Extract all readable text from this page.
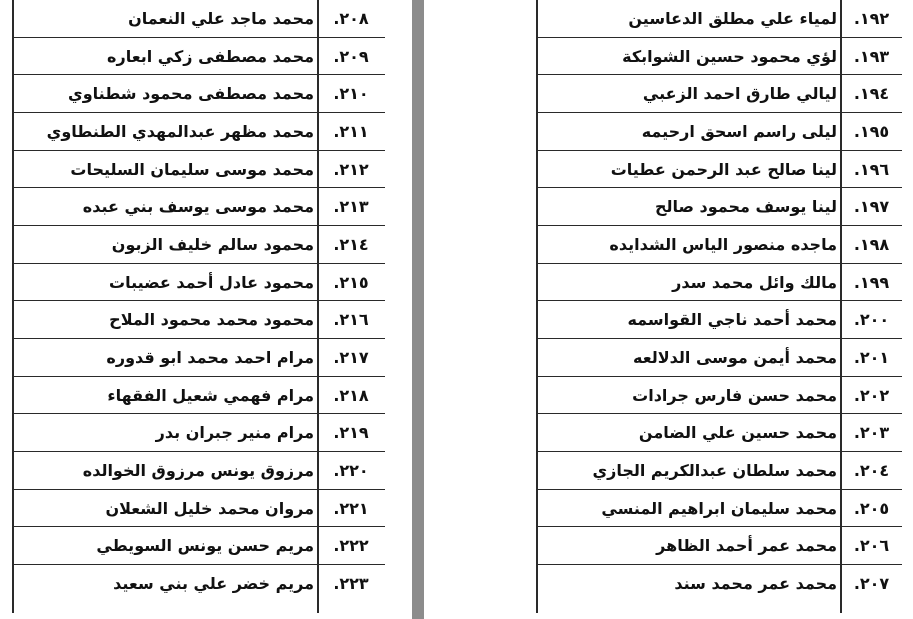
محمد ماجد علي النعمان	٢٠٨.
محمد مصطفى زكي ابعاره	٢٠٩.
محمد مصطفى محمود شطناوي	٢١٠.
محمد مظهر عبدالمهدي الطنطاوي	٢١١.
محمد موسى سليمان السليحات	٢١٢.
محمد موسى يوسف بني عبده	٢١٣.
محمود سالم خليف الزبون	٢١٤.
محمود عادل أحمد عضيبات	٢١٥.
محمود محمد محمود الملاح	٢١٦.
مرام احمد محمد ابو قدوره	٢١٧.
مرام فهمي شعيل الفقهاء	٢١٨.
مرام منير جبران بدر	٢١٩.
مرزوق يونس مرزوق الخوالده	٢٢٠.
مروان محمد خليل الشعلان	٢٢١.
مريم حسن يونس السويطي	٢٢٢.
مريم خضر علي بني سعيد	٢٢٣.
لمياء علي مطلق الدعاسين	١٩٢.
لؤي محمود حسين الشوابكة	١٩٣.
ليالي طارق احمد الزعبي	١٩٤.
ليلى راسم اسحق ارحيمه	١٩٥.
لينا صالح عبد الرحمن عطيات	١٩٦.
لينا يوسف محمود صالح	١٩٧.
ماجده منصور الياس الشدايده	١٩٨.
مالك وائل محمد سدر	١٩٩.
محمد أحمد ناجي القواسمه	٢٠٠.
محمد أيمن موسى الدلالعه	٢٠١.
محمد حسن فارس جرادات	٢٠٢.
محمد حسين علي الضامن	٢٠٣.
محمد سلطان عبدالكريم الجازي	٢٠٤.
محمد سليمان ابراهيم المنسي	٢٠٥.
محمد عمر أحمد الظاهر	٢٠٦.
محمد عمر محمد سند	٢٠٧.
